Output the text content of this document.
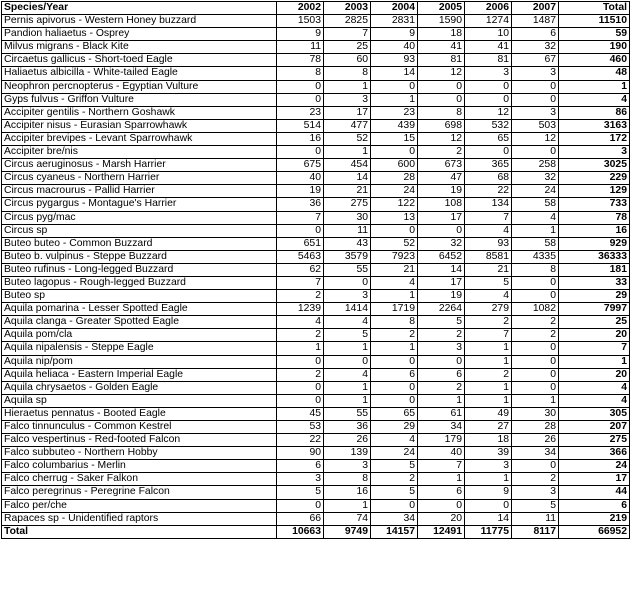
Species/Year	2002	2003	2004	2005	2006	2007	Total
Pernis apivorus - Western Honey buzzard	1503	2825	2831	1590	1274	1487	11510
Pandion haliaetus - Osprey	9	7	9	18	10	6	59
Milvus migrans - Black Kite	11	25	40	41	41	32	190
Circaetus gallicus - Short-toed Eagle	78	60	93	81	81	67	460
Haliaetus albicilla - White-tailed Eagle	8	8	14	12	3	3	48
Neophron percnopterus - Egyptian Vulture	0	1	0	0	0	0	1
Gyps fulvus - Griffon Vulture	0	3	1	0	0	0	4
Accipiter gentilis - Northern Goshawk	23	17	23	8	12	3	86
Accipiter nisus - Eurasian Sparrowhawk	514	477	439	698	532	503	3163
Accipiter brevipes - Levant Sparrowhawk	16	52	15	12	65	12	172
Accipiter bre/nis	0	1	0	2	0	0	3
Circus aeruginosus - Marsh Harrier	675	454	600	673	365	258	3025
Circus cyaneus - Northern Harrier	40	14	28	47	68	32	229
Circus macrourus - Pallid Harrier	19	21	24	19	22	24	129
Circus pygargus - Montague's Harrier	36	275	122	108	134	58	733
Circus pyg/mac	7	30	13	17	7	4	78
Circus sp	0	11	0	0	4	1	16
Buteo buteo - Common Buzzard	651	43	52	32	93	58	929
Buteo b. vulpinus - Steppe Buzzard	5463	3579	7923	6452	8581	4335	36333
Buteo rufinus - Long-legged Buzzard	62	55	21	14	21	8	181
Buteo lagopus - Rough-legged Buzzard	7	0	4	17	5	0	33
Buteo sp	2	3	1	19	4	0	29
Aquila pomarina - Lesser Spotted Eagle	1239	1414	1719	2264	279	1082	7997
Aquila clanga - Greater Spotted Eagle	4	4	8	5	2	2	25
Aquila pom/cla	2	5	2	2	7	2	20
Aquila nipalensis - Steppe Eagle	1	1	1	3	1	0	7
Aquila nip/pom	0	0	0	0	1	0	1
Aquila heliaca - Eastern Imperial Eagle	2	4	6	6	2	0	20
Aquila chrysaetos - Golden Eagle	0	1	0	2	1	0	4
Aquila sp	0	1	0	1	1	1	4
Hieraetus pennatus - Booted Eagle	45	55	65	61	49	30	305
Falco tinnunculus - Common Kestrel	53	36	29	34	27	28	207
Falco vespertinus - Red-footed Falcon	22	26	4	179	18	26	275
Falco subbuteo - Northern Hobby	90	139	24	40	39	34	366
Falco columbarius - Merlin	6	3	5	7	3	0	24
Falco cherrug - Saker Falkon	3	8	2	1	1	2	17
Falco peregrinus - Peregrine Falcon	5	16	5	6	9	3	44
Falco per/che	0	1	0	0	0	5	6
Rapaces sp - Unidentified raptors	66	74	34	20	14	11	219
Total	10663	9749	14157	12491	11775	8117	66952
